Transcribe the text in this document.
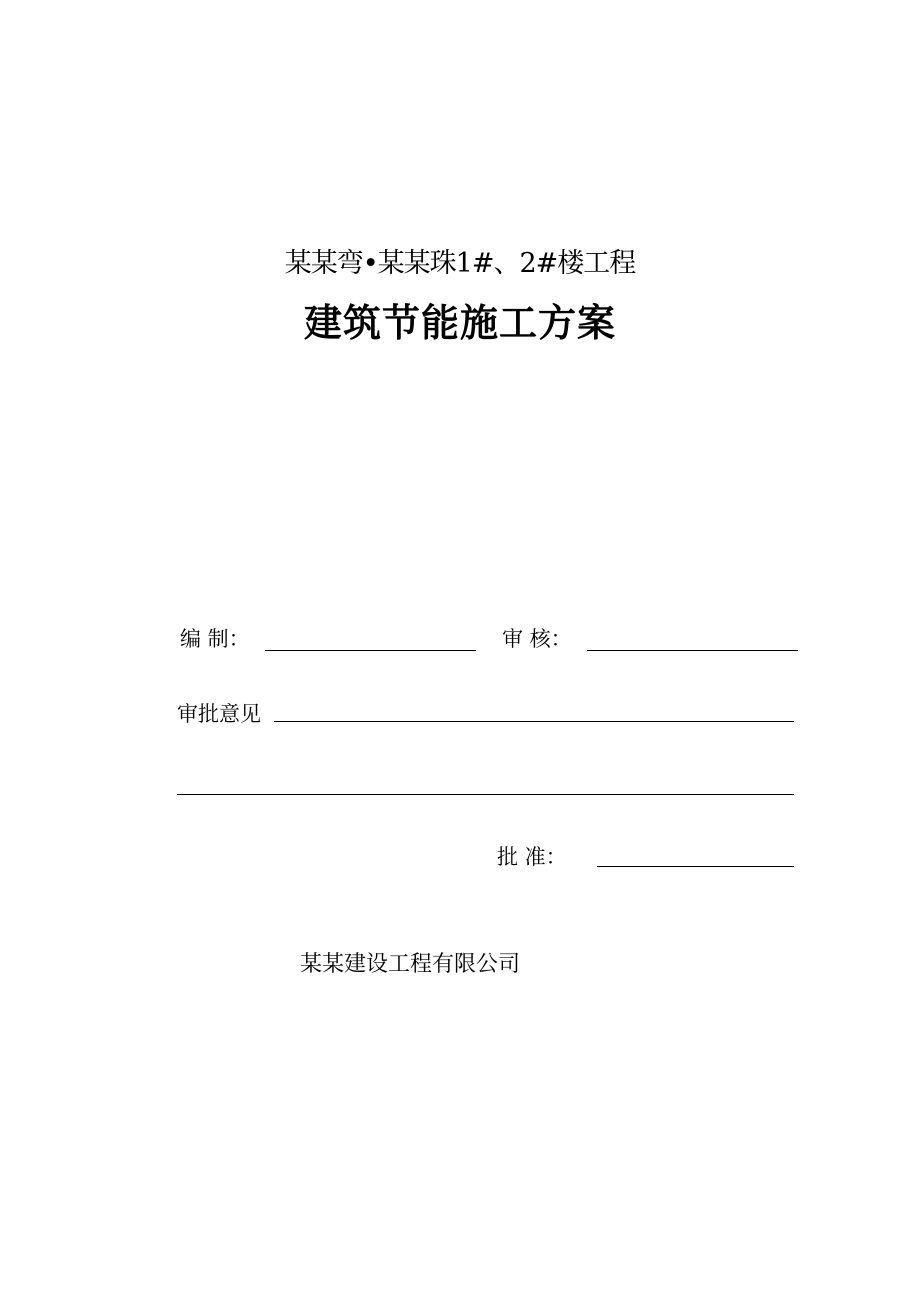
某某弯•某某珠1#、2#楼工程
建筑节能施工方案
编 制：	审 核：
审批意见
批 准：
某某建设工程有限公司
